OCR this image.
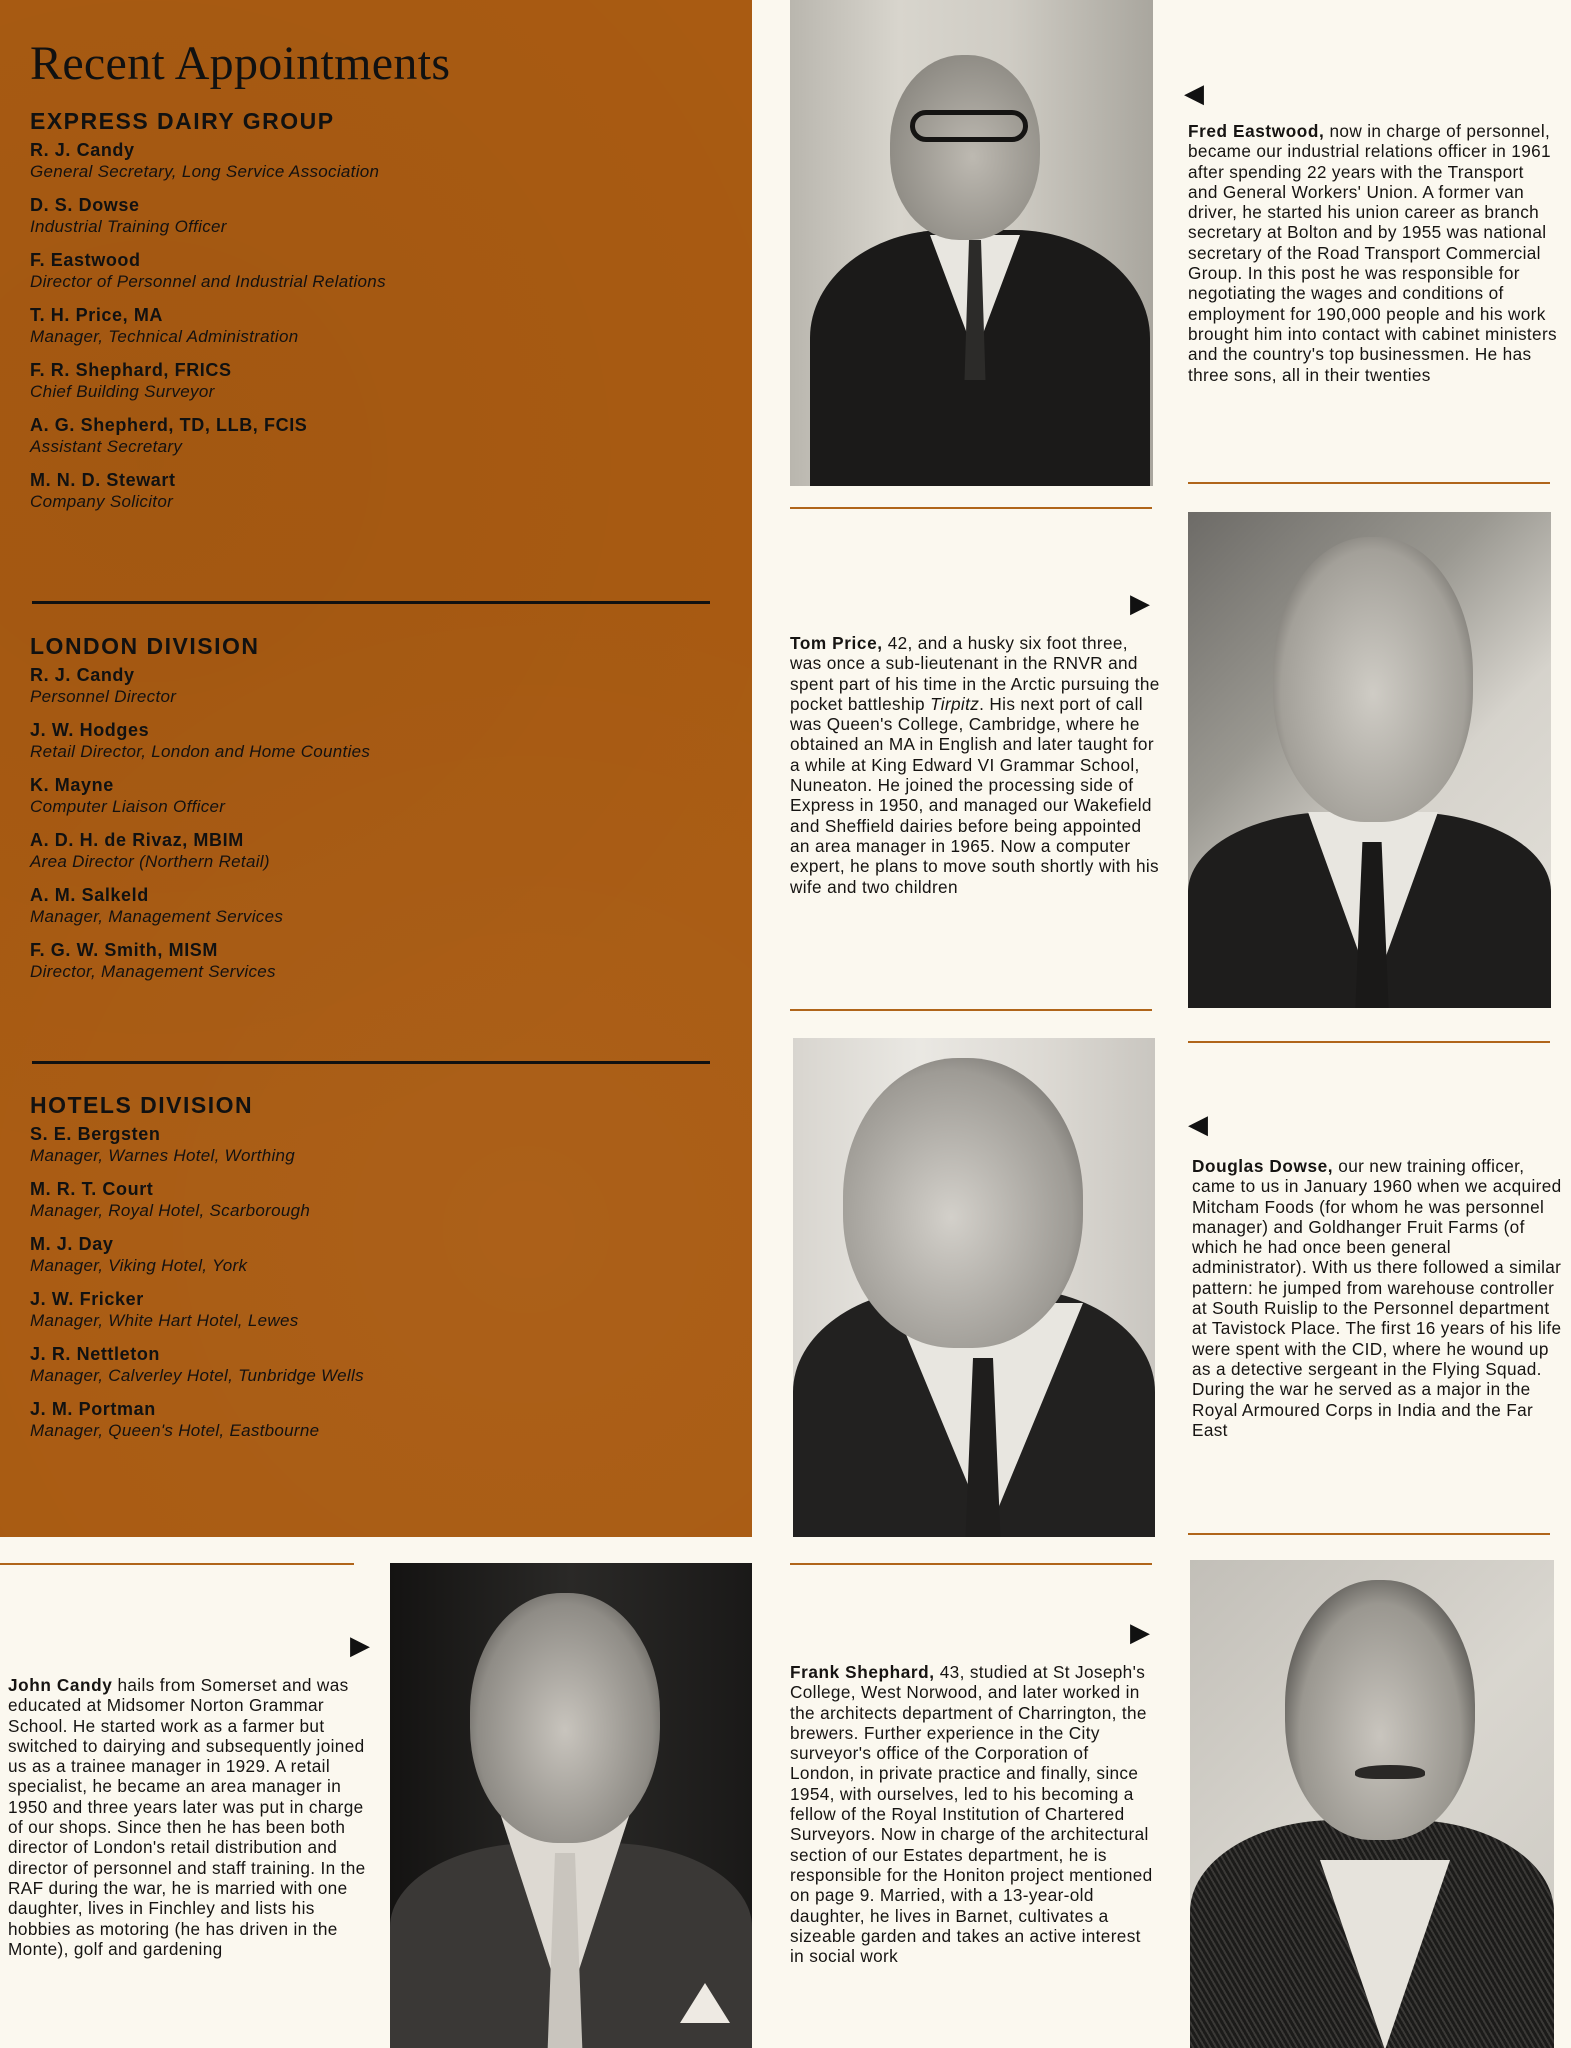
Recent Appointments
EXPRESS DAIRY GROUP
R. J. Candy
General Secretary, Long Service Association
D. S. Dowse
Industrial Training Officer
F. Eastwood
Director of Personnel and Industrial Relations
T. H. Price, MA
Manager, Technical Administration
F. R. Shephard, FRICS
Chief Building Surveyor
A. G. Shepherd, TD, LLB, FCIS
Assistant Secretary
M. N. D. Stewart
Company Solicitor
LONDON DIVISION
R. J. Candy
Personnel Director
J. W. Hodges
Retail Director, London and Home Counties
K. Mayne
Computer Liaison Officer
A. D. H. de Rivaz, MBIM
Area Director (Northern Retail)
A. M. Salkeld
Manager, Management Services
F. G. W. Smith, MISM
Director, Management Services
HOTELS DIVISION
S. E. Bergsten
Manager, Warnes Hotel, Worthing
M. R. T. Court
Manager, Royal Hotel, Scarborough
M. J. Day
Manager, Viking Hotel, York
J. W. Fricker
Manager, White Hart Hotel, Lewes
J. R. Nettleton
Manager, Calverley Hotel, Tunbridge Wells
J. M. Portman
Manager, Queen's Hotel, Eastbourne
◀
Fred Eastwood, now in charge of personnel, became our industrial relations officer in 1961 after spending 22 years with the Transport and General Workers' Union. A former van driver, he started his union career as branch secretary at Bolton and by 1955 was national secretary of the Road Transport Commercial Group. In this post he was responsible for negotiating the wages and conditions of employment for 190,000 people and his work brought him into contact with cabinet ministers and the country's top businessmen. He has three sons, all in their twenties
▶
Tom Price, 42, and a husky six foot three, was once a sub-lieutenant in the RNVR and spent part of his time in the Arctic pursuing the pocket battleship Tirpitz. His next port of call was Queen's College, Cambridge, where he obtained an MA in English and later taught for a while at King Edward VI Grammar School, Nuneaton. He joined the processing side of Express in 1950, and managed our Wakefield and Sheffield dairies before being appointed an area manager in 1965. Now a computer expert, he plans to move south shortly with his wife and two children
◀
Douglas Dowse, our new training officer, came to us in January 1960 when we acquired Mitcham Foods (for whom he was personnel manager) and Goldhanger Fruit Farms (of which he had once been general administrator). With us there followed a similar pattern: he jumped from warehouse controller at South Ruislip to the Personnel department at Tavistock Place. The first 16 years of his life were spent with the CID, where he wound up as a detective sergeant in the Flying Squad. During the war he served as a major in the Royal Armoured Corps in India and the Far East
▶
John Candy hails from Somerset and was educated at Midsomer Norton Grammar School. He started work as a farmer but switched to dairying and subsequently joined us as a trainee manager in 1929. A retail specialist, he became an area manager in 1950 and three years later was put in charge of our shops. Since then he has been both director of London's retail distribution and director of personnel and staff training. In the RAF during the war, he is married with one daughter, lives in Finchley and lists his hobbies as motoring (he has driven in the Monte), golf and gardening
▶
Frank Shephard, 43, studied at St Joseph's College, West Norwood, and later worked in the architects department of Charrington, the brewers. Further experience in the City surveyor's office of the Corporation of London, in private practice and finally, since 1954, with ourselves, led to his becoming a fellow of the Royal Institution of Chartered Surveyors. Now in charge of the architectural section of our Estates department, he is responsible for the Honiton project mentioned on page 9. Married, with a 13-year-old daughter, he lives in Barnet, cultivates a sizeable garden and takes an active interest in social work
